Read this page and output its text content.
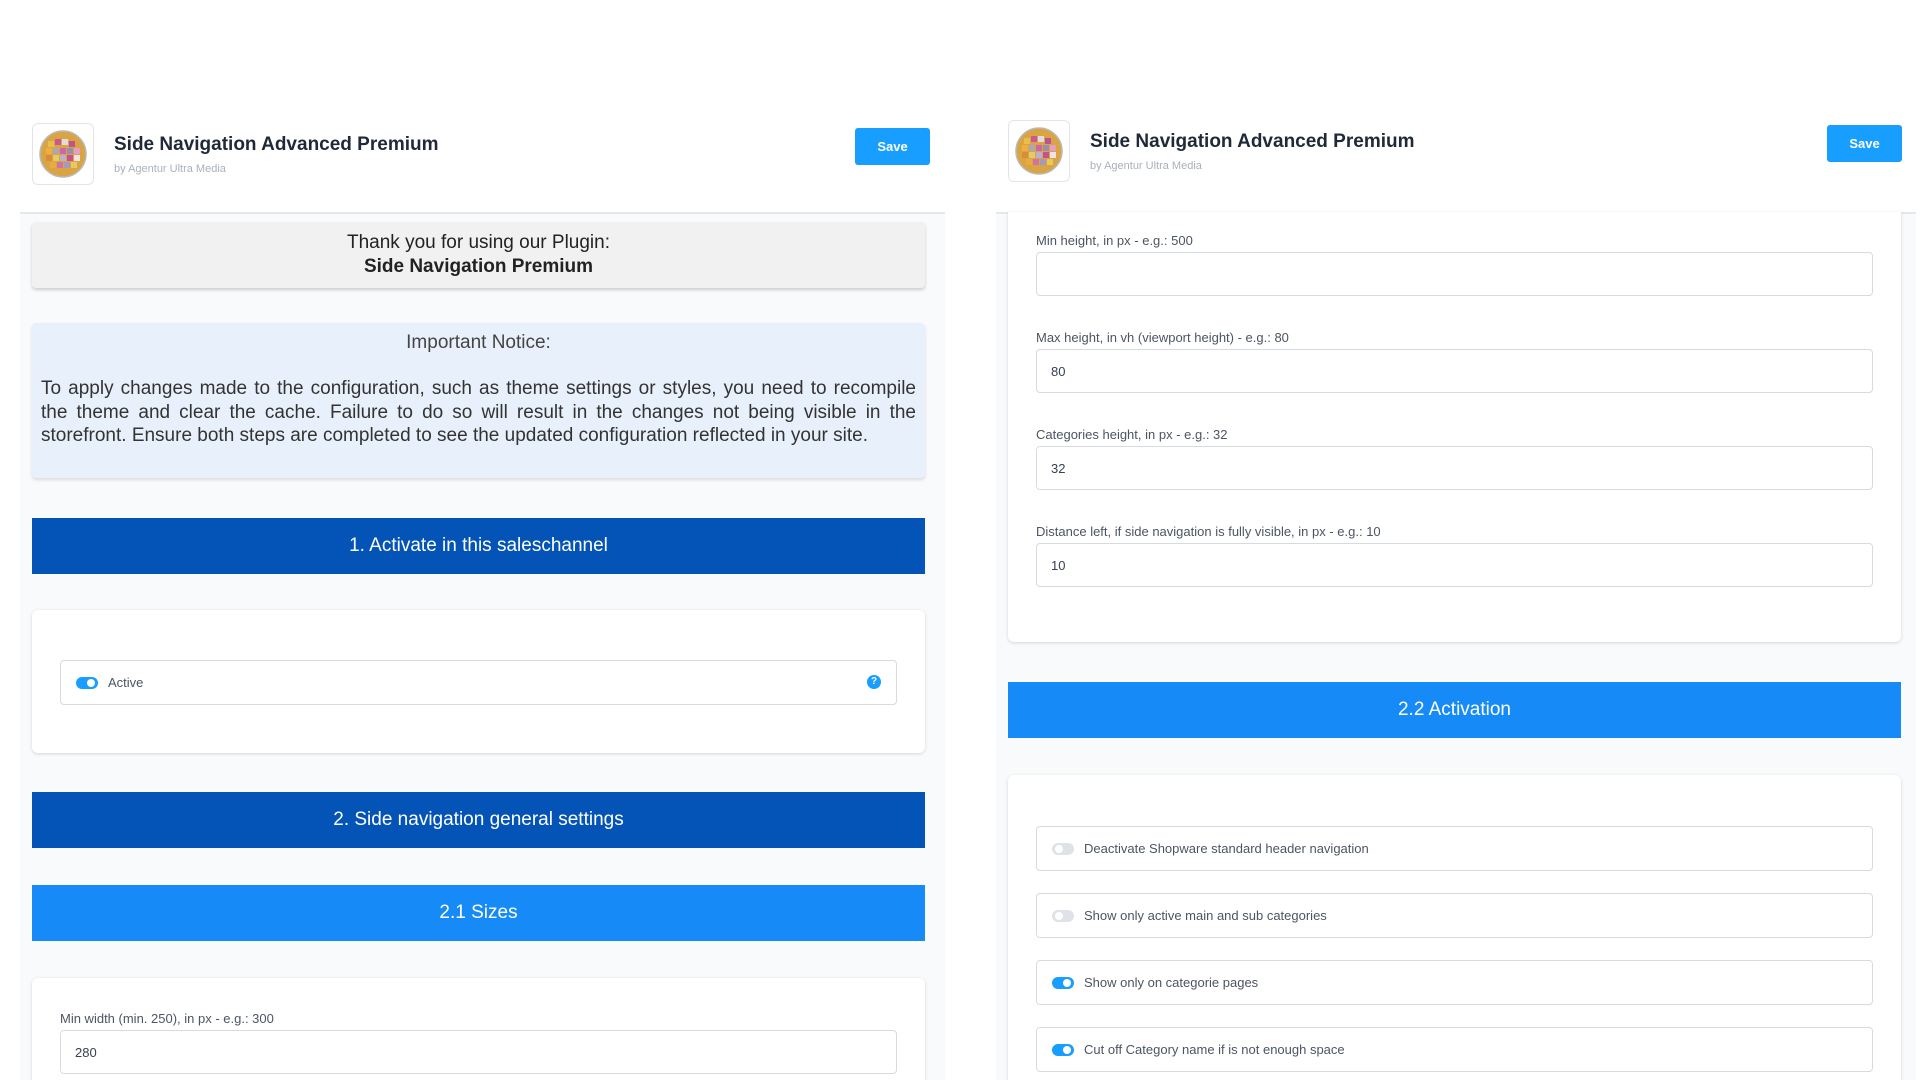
Side Navigation Advanced Premium
by Agentur Ultra Media
Save
Thank you for using our Plugin:
Side Navigation Premium
Important Notice:
To apply changes made to the configuration, such as theme settings or styles, you need to recompile the theme and clear the cache. Failure to do so will result in the changes not being visible in the storefront. Ensure both steps are completed to see the updated configuration reflected in your site.
1. Activate in this saleschannel
Active	?
2. Side navigation general settings
2.1 Sizes
Min width (min. 250), in px - e.g.: 300
280
Side Navigation Advanced Premium
by Agentur Ultra Media
Save
Min height, in px - e.g.: 500
Max height, in vh (viewport height) - e.g.: 80
80
Categories height, in px - e.g.: 32
32
Distance left, if side navigation is fully visible, in px - e.g.: 10
10
2.2 Activation
Deactivate Shopware standard header navigation
Show only active main and sub categories
Show only on categorie pages
Cut off Category name if is not enough space
